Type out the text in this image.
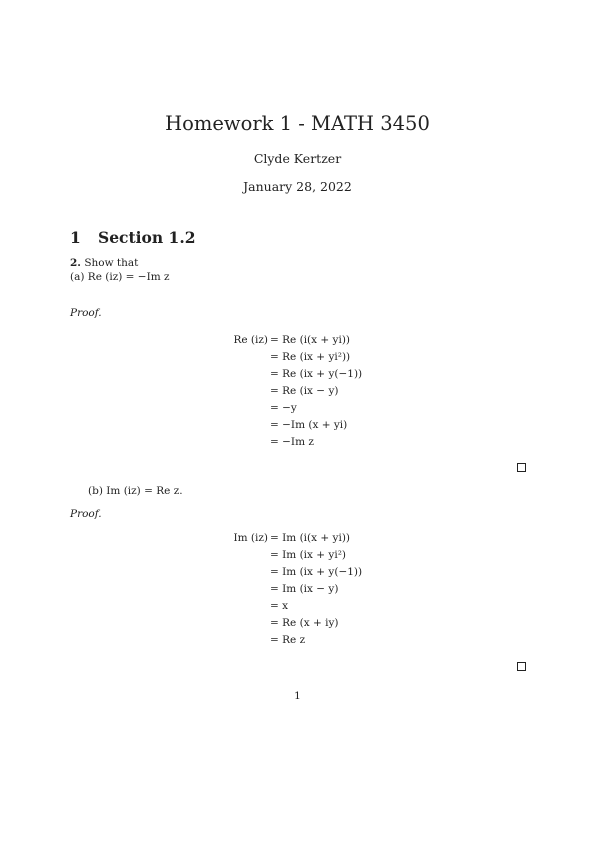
Homework 1 - MATH 3450
Clyde Kertzer
January 28, 2022
1 Section 1.2
2. Show that
(a) Re (iz) = −Im z
Proof.
Re (iz) = Re (i(x + yi))
= Re (ix + yi²))
= Re (ix + y(−1))
= Re (ix − y)
= −y
= −Im (x + yi)
= −Im z
(b) Im (iz) = Re z.
Proof.
Im (iz) = Im (i(x + yi))
= Im (ix + yi²)
= Im (ix + y(−1))
= Im (ix − y)
= x
= Re (x + iy)
= Re z
1
